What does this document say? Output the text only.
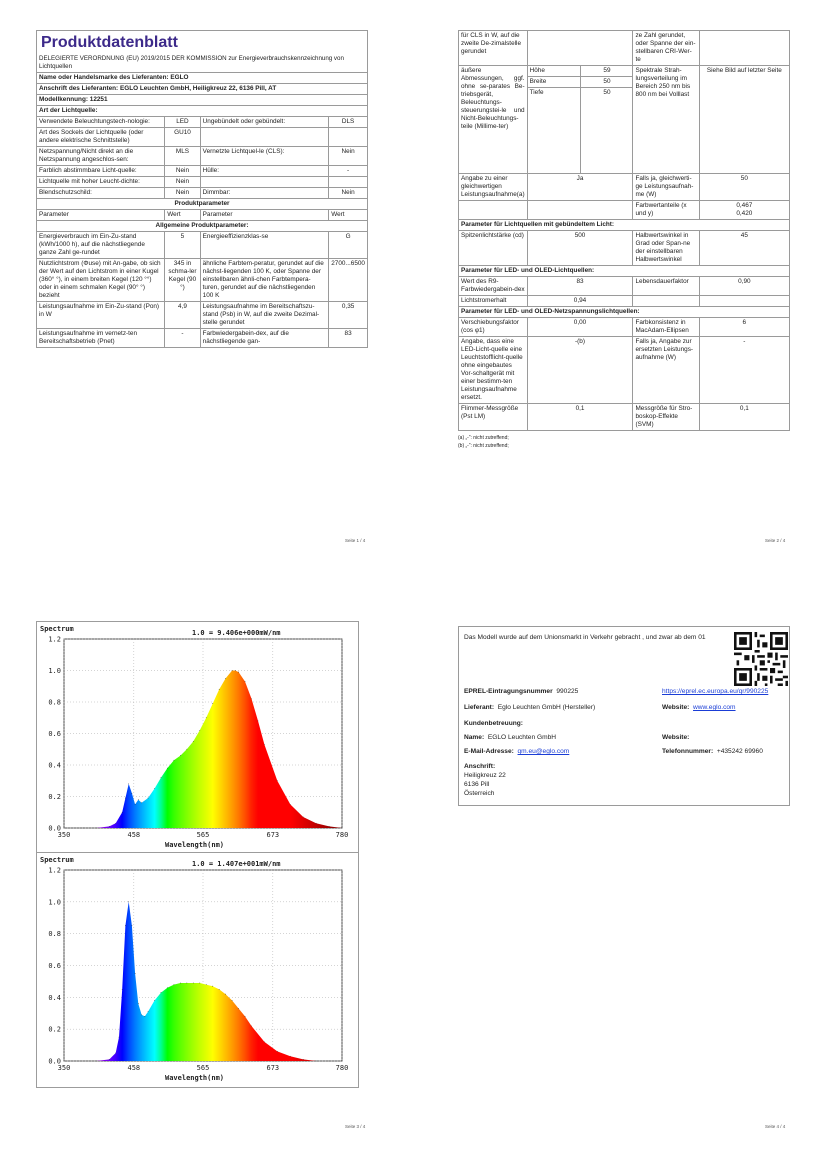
Produktdatenblatt
DELEGIERTE VERORDNUNG (EU) 2019/2015 DER KOMMISSION zur Energieverbrauchskennzeichnung von Lichtquellen			

Name oder Handelsmarke des Lieferanten: EGLO			
Anschrift des Lieferanten: EGLO Leuchten GmbH, Heiligkreuz 22, 6136 Pill, AT			
Modellkennung: 12251			
Art der Lichtquelle:			
Verwendete Beleuchtungstech-nologie:	LED	Ungebündelt oder gebündelt:	DLS
Art des Sockels der Lichtquelle (oder andere elektrische Schnittstelle)	GU10		
Netzspannung/Nicht direkt an die Netzspannung angeschlos-sen:	MLS	Vernetzte Lichtquel-le (CLS):	Nein
Farblich abstimmbare Licht-quelle:	Nein	Hülle:	-
Lichtquelle mit hoher Leucht-dichte:	Nein		
Blendschutzschild:	Nein	Dimmbar:	Nein
Produktparameter			
Parameter	Wert	Parameter	Wert
Allgemeine Produktparameter:			
Energieverbrauch im Ein-Zu-stand (kWh/1000 h), auf die nächstliegende ganze Zahl ge-rundet	5	Energieeffizienzklas-se	G
Nutzlichtstrom (Φuse) mit An-gabe, ob sich der Wert auf den Lichtstrom in einer Kugel (360° °), in einem breiten Kegel (120 °°) oder in einem schmalen Kegel (90° °) bezieht	345 in schma-ler Kegel (90 °)	ähnliche Farbtem-peratur, gerundet auf die nächst-liegenden 100 K, oder Spanne der einstellbaren ähnli-chen Farbtempera-turen, gerundet auf die nächstliegenden 100 K	2700...6500
Leistungsaufnahme im Ein-Zu-stand (Pon) in W	4,9	Leistungsaufnahme im Bereitschaftszu-stand (Psb) in W, auf die zweite Dezimal-stelle gerundet	0,35
Leistungsaufnahme im vernetz-ten Bereitschaftsbetrieb (Pnet)	-	Farbwiedergabein-dex, auf die nächstliegende gan-	83
Seite 1 / 4
für CLS in W, auf die zweite De-zimalstelle gerundet			ze Zahl gerundet, oder Spanne der ein-stellbaren CRI-Wer-te	
äußere Abmessungen, ggf. ohne se-parates Be-triebsgerät, Beleuchtungs-steuerungstei-le und Nicht-Beleuchtungs-teile (Millime-ter)	Höhe	59	Spektrale Strah-lungsverteilung im Bereich 250 nm bis 800 nm bei Volllast	Siehe Bild auf letzter Seite
	Breite	50		
	Tiefe	50		
Angabe zu einer gleichwertigen Leistungsaufnahme(a)	Ja		Falls ja, gleichwerti-ge Leistungsaufnah-me (W)	50
			Farbwertanteile (x und y)	0,467
0,420
Parameter für Lichtquellen mit gebündeltem Licht:				
Spitzenlichtstärke (cd)	500		Halbwertswinkel in Grad oder Span-ne der einstellbaren Halbwertswinkel	45
Parameter für LED- und OLED-Lichtquellen:				
Wert des R9-Farbwiedergabein-dex	83		Lebensdauerfaktor	0,90
Lichtstromerhalt	0,94			
Parameter für LED- und OLED-Netzspannungslichtquellen:				
Verschiebungsfaktor (cos φ1)	0,00		Farbkonsistenz in MacAdam-Ellipsen	6
Angabe, dass eine LED-Licht-quelle eine Leuchtstofflicht-quelle ohne eingebautes Vor-schaltgerät mit einer bestimm-ten Leistungsaufnahme ersetzt.	-(b)		Falls ja, Angabe zur ersetzten Leistungs-aufnahme (W)	-
Flimmer-Messgröße (Pst LM)	0,1		Messgröße für Stro-boskop-Effekte (SVM)	0,1
(a) „-“: nicht zutreffend;
(b) „-“: nicht zutreffend;
Seite 2 / 4
0.0
0.2
0.4
0.6
0.8
1.0
1.2
350	458	565	673	780
Spectrum	1.0 = 9.406e+000mW/nm
Wavelength(nm)
0.0
0.2
0.4
0.6
0.8
1.0
1.2
350	458	565	673	780
Spectrum	1.0 = 1.407e+001mW/nm
Wavelength(nm)
Seite 3 / 4
Das Modell wurde auf dem Unionsmarkt in Verkehr gebracht , und zwar ab dem 01
EPREL-Eintragungsnummer 990225	https://eprel.ec.europa.eu/qr/990225
Lieferant: Eglo Leuchten GmbH (Hersteller)	Website: www.eglo.com
Kundenbetreuung:
Name: EGLO Leuchten GmbH	Website:
E-Mail-Adresse: qm.eu@eglo.com	Telefonnummer: +435242 69960
Anschrift:
Heiligkreuz 22
6136 Pill
Österreich
Seite 4 / 4
